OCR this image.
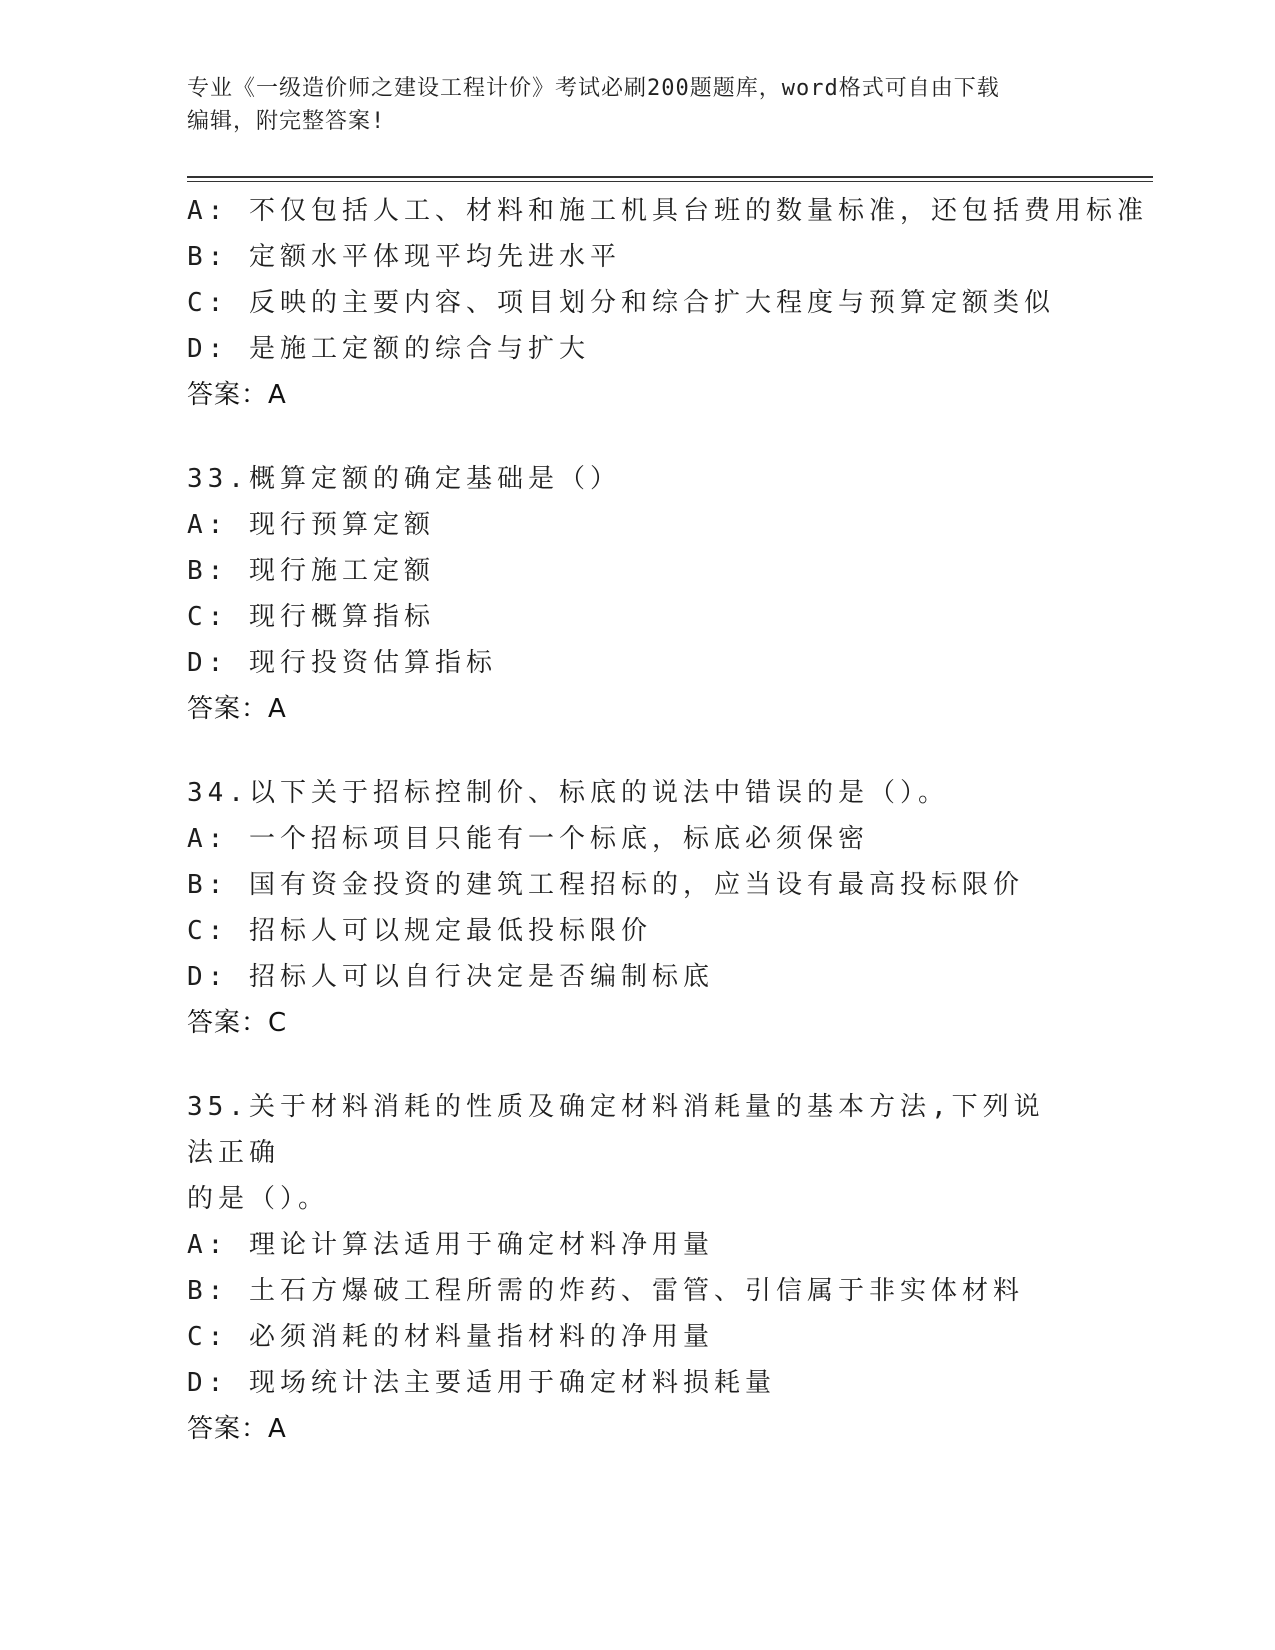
专业《一级造价师之建设工程计价》考试必刷200题题库，word格式可自由下载
编辑，附完整答案!
A: 不仅包括人工、材料和施工机具台班的数量标准，还包括费用标准
B: 定额水平体现平均先进水平
C: 反映的主要内容、项目划分和综合扩大程度与预算定额类似
D: 是施工定额的综合与扩大
答案：A
33.概算定额的确定基础是（）
A: 现行预算定额
B: 现行施工定额
C: 现行概算指标
D: 现行投资估算指标
答案：A
34.以下关于招标控制价、标底的说法中错误的是（）。
A: 一个招标项目只能有一个标底，标底必须保密
B: 国有资金投资的建筑工程招标的，应当设有最高投标限价
C: 招标人可以规定最低投标限价
D: 招标人可以自行决定是否编制标底
答案：C
35.关于材料消耗的性质及确定材料消耗量的基本方法,下列说法正确
的是（）。
A: 理论计算法适用于确定材料净用量
B: 土石方爆破工程所需的炸药、雷管、引信属于非实体材料
C: 必须消耗的材料量指材料的净用量
D: 现场统计法主要适用于确定材料损耗量
答案：A
